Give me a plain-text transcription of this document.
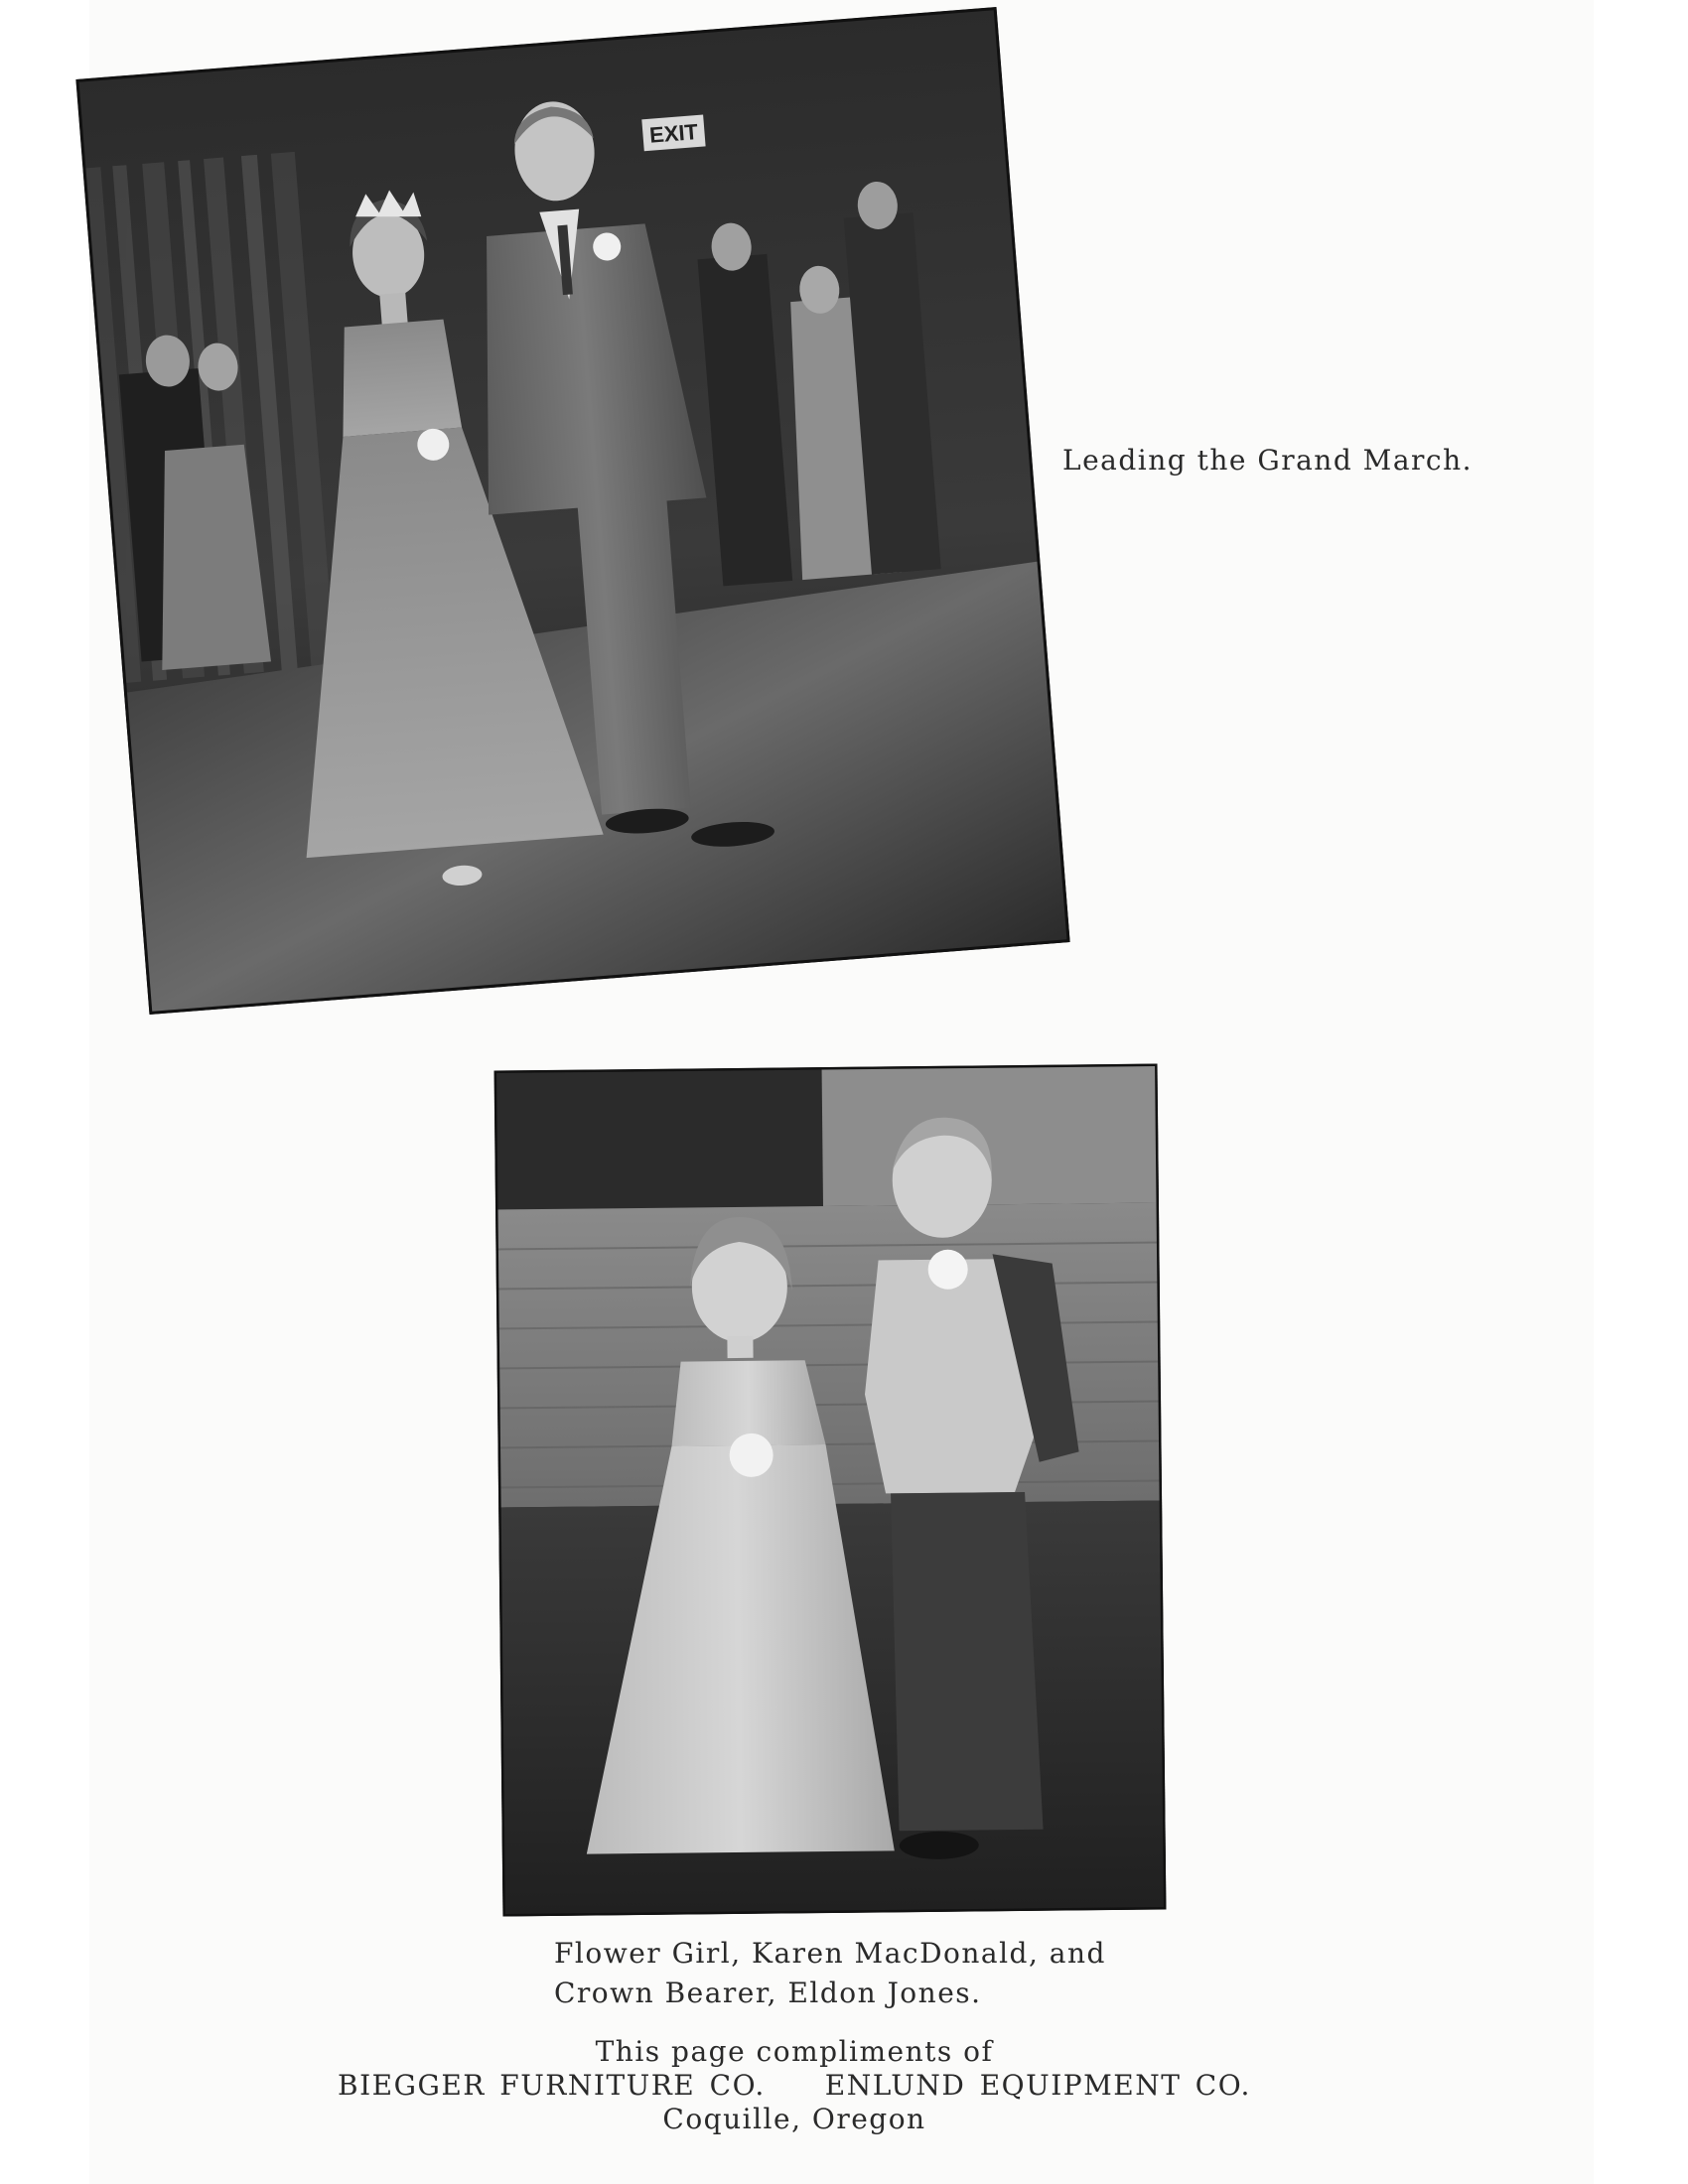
EXIT
Leading the Grand March.
Flower Girl, Karen MacDonald, and
Crown Bearer, Eldon Jones.
This page compliments of
BIEGGER FURNITURE CO. ENLUND EQUIPMENT CO.
Coquille, Oregon
